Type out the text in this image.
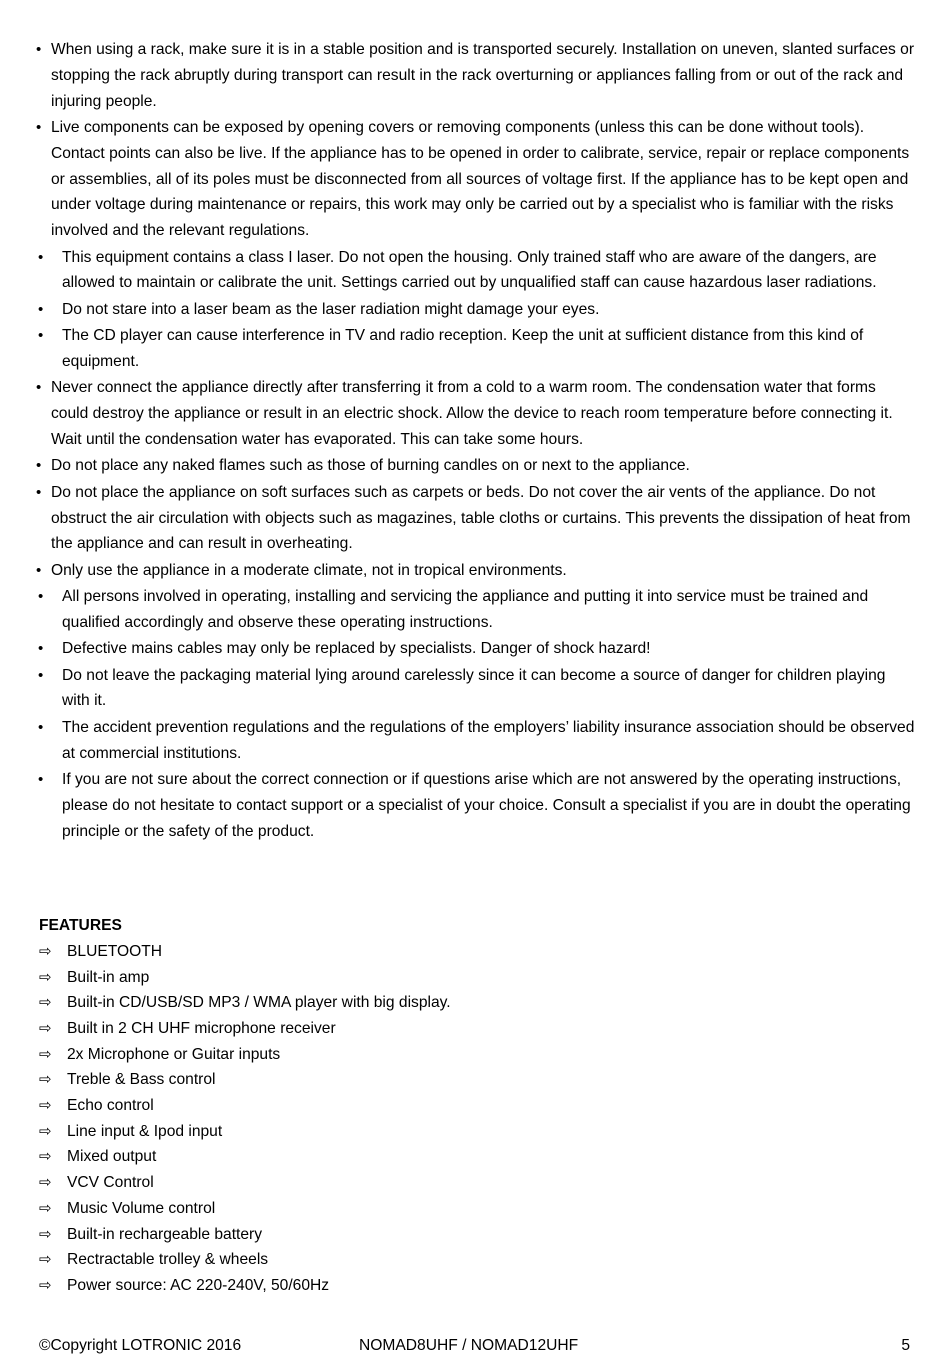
• When using a rack, make sure it is in a stable position and is transported securely. Installation on uneven, slanted surfaces or stopping the rack abruptly during transport can result in the rack overturning or appliances falling from or out of the rack and injuring people.
• Live components can be exposed by opening covers or removing components (unless this can be done without tools). Contact points can also be live. If the appliance has to be opened in order to calibrate, service, repair or replace components or assemblies, all of its poles must be disconnected from all sources of voltage first. If the appliance has to be kept open and under voltage during maintenance or repairs, this work may only be carried out by a specialist who is familiar with the risks involved and the relevant regulations.
• This equipment contains a class I laser. Do not open the housing. Only trained staff who are aware of the dangers, are allowed to maintain or calibrate the unit. Settings carried out by unqualified staff can cause hazardous laser radiations.
• Do not stare into a laser beam as the laser radiation might damage your eyes.
• The CD player can cause interference in TV and radio reception. Keep the unit at sufficient distance from this kind of equipment.
• Never connect the appliance directly after transferring it from a cold to a warm room. The condensation water that forms could destroy the appliance or result in an electric shock. Allow the device to reach room temperature before connecting it. Wait until the condensation water has evaporated. This can take some hours.
• Do not place any naked flames such as those of burning candles on or next to the appliance.
• Do not place the appliance on soft surfaces such as carpets or beds. Do not cover the air vents of the appliance. Do not obstruct the air circulation with objects such as magazines, table cloths or curtains. This prevents the dissipation of heat from the appliance and can result in overheating.
• Only use the appliance in a moderate climate, not in tropical environments.
• All persons involved in operating, installing and servicing the appliance and putting it into service must be trained and qualified accordingly and observe these operating instructions.
• Defective mains cables may only be replaced by specialists. Danger of shock hazard!
• Do not leave the packaging material lying around carelessly since it can become a source of danger for children playing with it.
• The accident prevention regulations and the regulations of the employers’ liability insurance association should be observed at commercial institutions.
• If you are not sure about the correct connection or if questions arise which are not answered by the operating instructions, please do not hesitate to contact support or a specialist of your choice. Consult a specialist if you are in doubt the operating principle or the safety of the product.
FEATURES
⇨ BLUETOOTH
⇨ Built-in amp
⇨ Built-in CD/USB/SD MP3 / WMA player with big display.
⇨ Built in 2 CH UHF microphone receiver
⇨ 2x Microphone or Guitar inputs
⇨ Treble & Bass control
⇨ Echo control
⇨ Line input & Ipod input
⇨ Mixed output
⇨ VCV Control
⇨ Music Volume control
⇨ Built-in rechargeable battery
⇨ Rectractable trolley & wheels
⇨ Power source: AC 220-240V, 50/60Hz
©Copyright LOTRONIC 2016	NOMAD8UHF / NOMAD12UHF	5
